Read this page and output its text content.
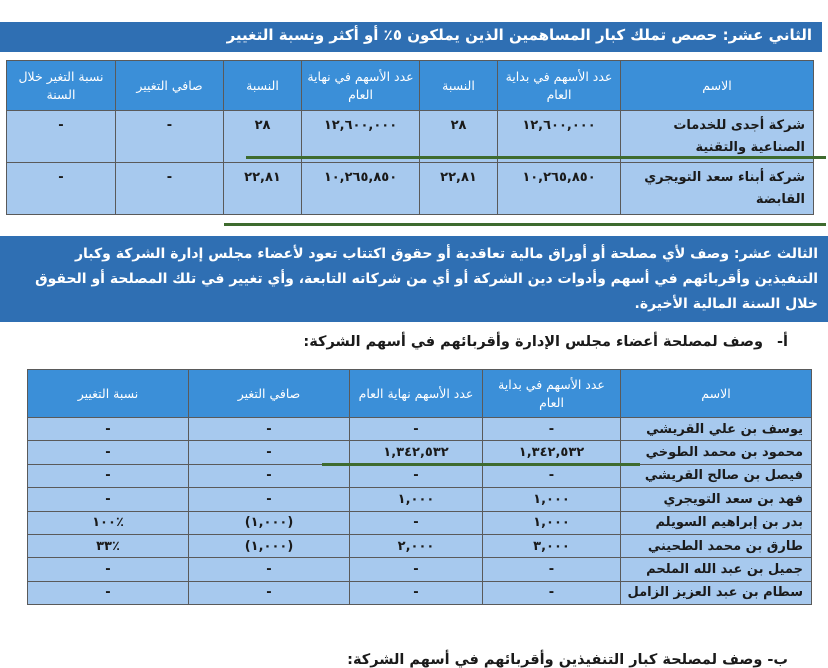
الثاني عشر: حصص تملك كبار المساهمين الذين يملكون ٥٪ أو أكثر ونسبة التغيير
الاسم	عدد الأسهم في بداية العام	النسبة	عدد الأسهم في نهاية العام	النسبة	صافي التغيير	نسبة التغير خلال السنة
شركة أجدى للخدمات الصناعية والتقنية	١٢,٦٠٠,٠٠٠	٢٨	١٢,٦٠٠,٠٠٠	٢٨	-	-
شركة أبناء سعد التويجري القابضة	١٠,٢٦٥,٨٥٠	٢٢,٨١	١٠,٢٦٥,٨٥٠	٢٢,٨١	-	-
الثالث عشر: وصف لأي مصلحة أو أوراق مالية تعاقدية أو حقوق اكتتاب تعود لأعضاء مجلس إدارة الشركة وكبار التنفيذين وأقربائهم في أسهم وأدوات دين الشركة أو أي من شركاته التابعة، وأي تغيير في تلك المصلحة أو الحقوق خلال السنة المالية الأخيرة.
أ-وصف لمصلحة أعضاء مجلس الإدارة وأقربائهم في أسهم الشركة:
الاسم	عدد الأسهم في بداية العام	عدد الأسهم نهاية العام	صافي التغير	نسبة التغيير
يوسف بن علي القريشي	-	-	-	-
محمود بن محمد الطوخي	١,٣٤٢,٥٣٢	١,٣٤٢,٥٣٢	-	-
فيصل بن صالح القريشي	-	-	-	-
فهد بن سعد التويجري	١,٠٠٠	١,٠٠٠	-	-
بدر بن إبراهيم السويلم	١,٠٠٠	-	(١,٠٠٠)	٪١٠٠
طارق بن محمد الطحيني	٣,٠٠٠	٢,٠٠٠	(١,٠٠٠)	٪٣٣
جميل بن عبد الله الملحم	-	-	-	-
سطام بن عبد العزيز الزامل	-	-	-	-
ب- وصف لمصلحة كبار التنفيذين وأقربائهم في أسهم الشركة:
